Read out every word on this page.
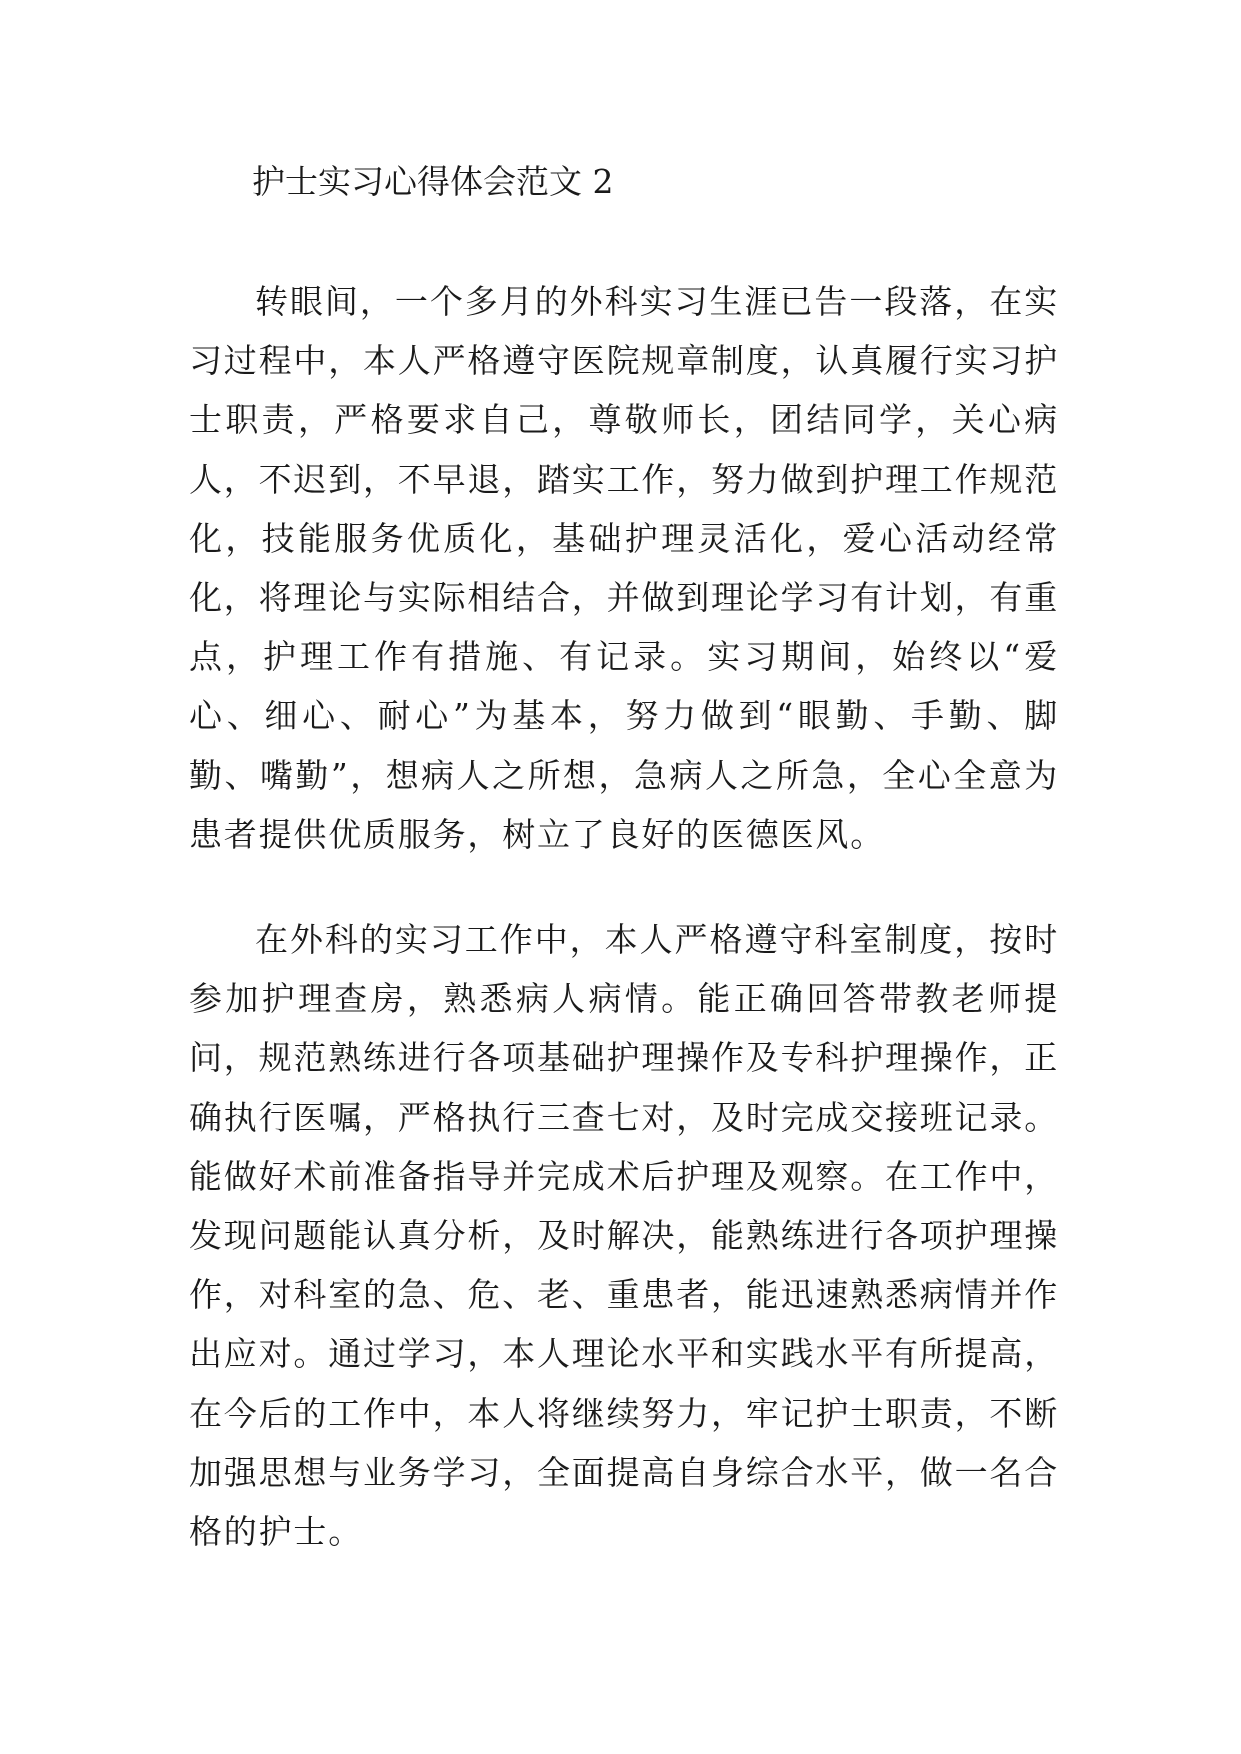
护士实习心得体会范文 2

转眼间，一个多月的外科实习生涯已告一段落，在实习过程中，本人严格遵守医院规章制度，认真履行实习护士职责，严格要求自己，尊敬师长，团结同学，关心病人，不迟到，不早退，踏实工作，努力做到护理工作规范化，技能服务优质化，基础护理灵活化，爱心活动经常化，将理论与实际相结合，并做到理论学习有计划，有重点，护理工作有措施、有记录。实习期间，始终以“爱心、细心、耐心”为基本，努力做到“眼勤、手勤、脚勤、嘴勤”，想病人之所想，急病人之所急，全心全意为患者提供优质服务，树立了良好的医德医风。

在外科的实习工作中，本人严格遵守科室制度，按时参加护理查房，熟悉病人病情。能正确回答带教老师提问，规范熟练进行各项基础护理操作及专科护理操作，正确执行医嘱，严格执行三查七对，及时完成交接班记录。能做好术前准备指导并完成术后护理及观察。在工作中，发现问题能认真分析，及时解决，能熟练进行各项护理操作，对科室的急、危、老、重患者，能迅速熟悉病情并作出应对。通过学习，本人理论水平和实践水平有所提高，在今后的工作中，本人将继续努力，牢记护士职责，不断加强思想与业务学习，全面提高自身综合水平，做一名合格的护士。
